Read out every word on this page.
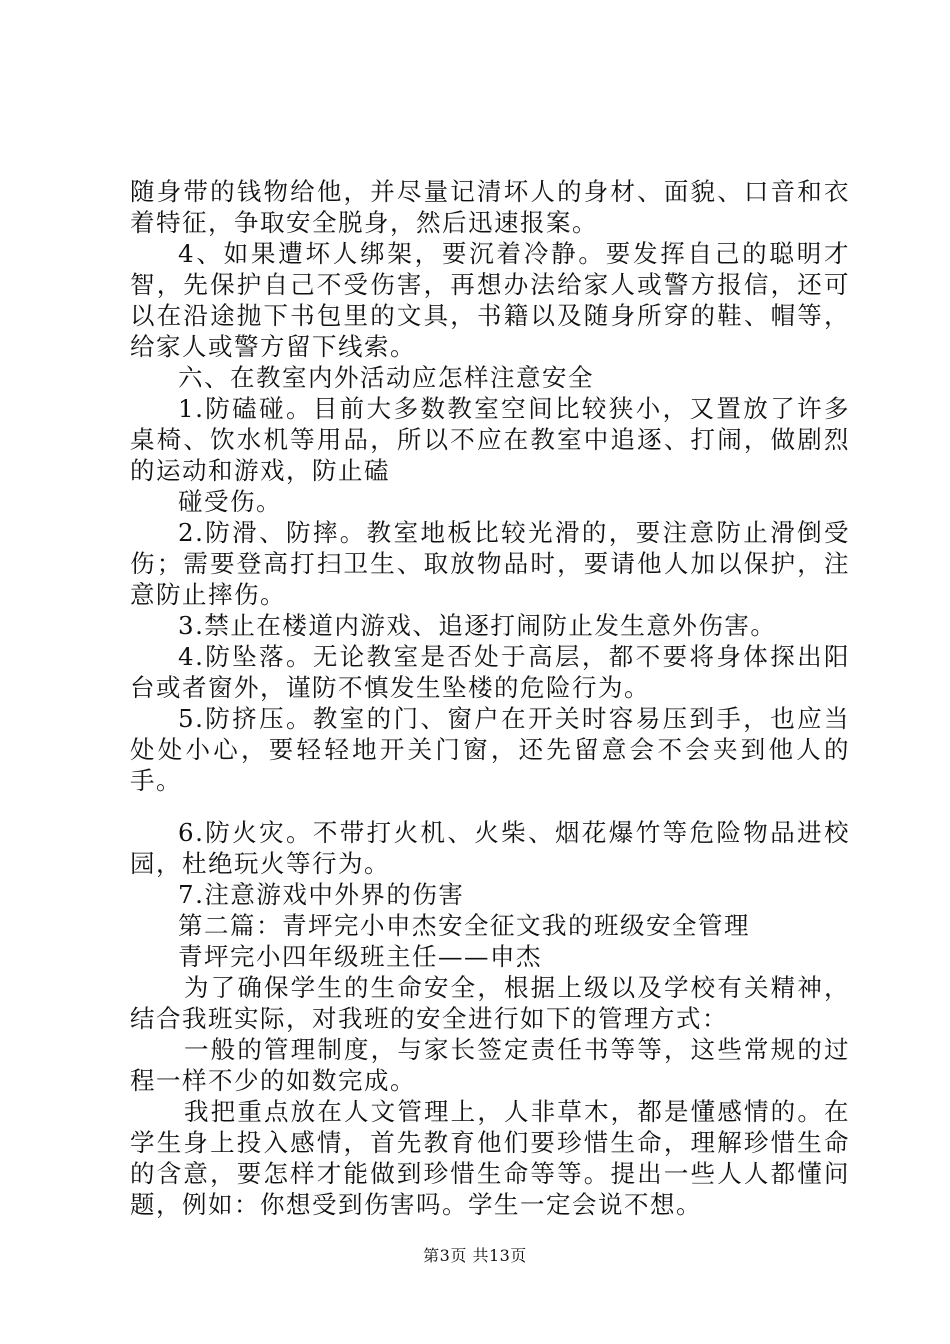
随身带的钱物给他，并尽量记清坏人的身材、面貌、口音和衣着特征，争取安全脱身，然后迅速报案。

4、如果遭坏人绑架，要沉着冷静。要发挥自己的聪明才智，先保护自己不受伤害，再想办法给家人或警方报信，还可以在沿途抛下书包里的文具，书籍以及随身所穿的鞋、帽等，给家人或警方留下线索。

六、在教室内外活动应怎样注意安全

1.防磕碰。目前大多数教室空间比较狭小，又置放了许多桌椅、饮水机等用品，所以不应在教室中追逐、打闹，做剧烈的运动和游戏，防止磕

碰受伤。

2.防滑、防摔。教室地板比较光滑的，要注意防止滑倒受伤；需要登高打扫卫生、取放物品时，要请他人加以保护，注意防止摔伤。

3.禁止在楼道内游戏、追逐打闹防止发生意外伤害。

4.防坠落。无论教室是否处于高层，都不要将身体探出阳台或者窗外，谨防不慎发生坠楼的危险行为。

5.防挤压。教室的门、窗户在开关时容易压到手，也应当处处小心，要轻轻地开关门窗，还先留意会不会夹到他人的手。

6.防火灾。不带打火机、火柴、烟花爆竹等危险物品进校园，杜绝玩火等行为。

7.注意游戏中外界的伤害

第二篇：青坪完小申杰安全征文我的班级安全管理

青坪完小四年级班主任——申杰

为了确保学生的生命安全，根据上级以及学校有关精神，结合我班实际，对我班的安全进行如下的管理方式：

一般的管理制度，与家长签定责任书等等，这些常规的过程一样不少的如数完成。

我把重点放在人文管理上，人非草木，都是懂感情的。在学生身上投入感情，首先教育他们要珍惜生命，理解珍惜生命的含意，要怎样才能做到珍惜生命等等。提出一些人人都懂问题，例如：你想受到伤害吗。学生一定会说不想。

第3页 共13页
